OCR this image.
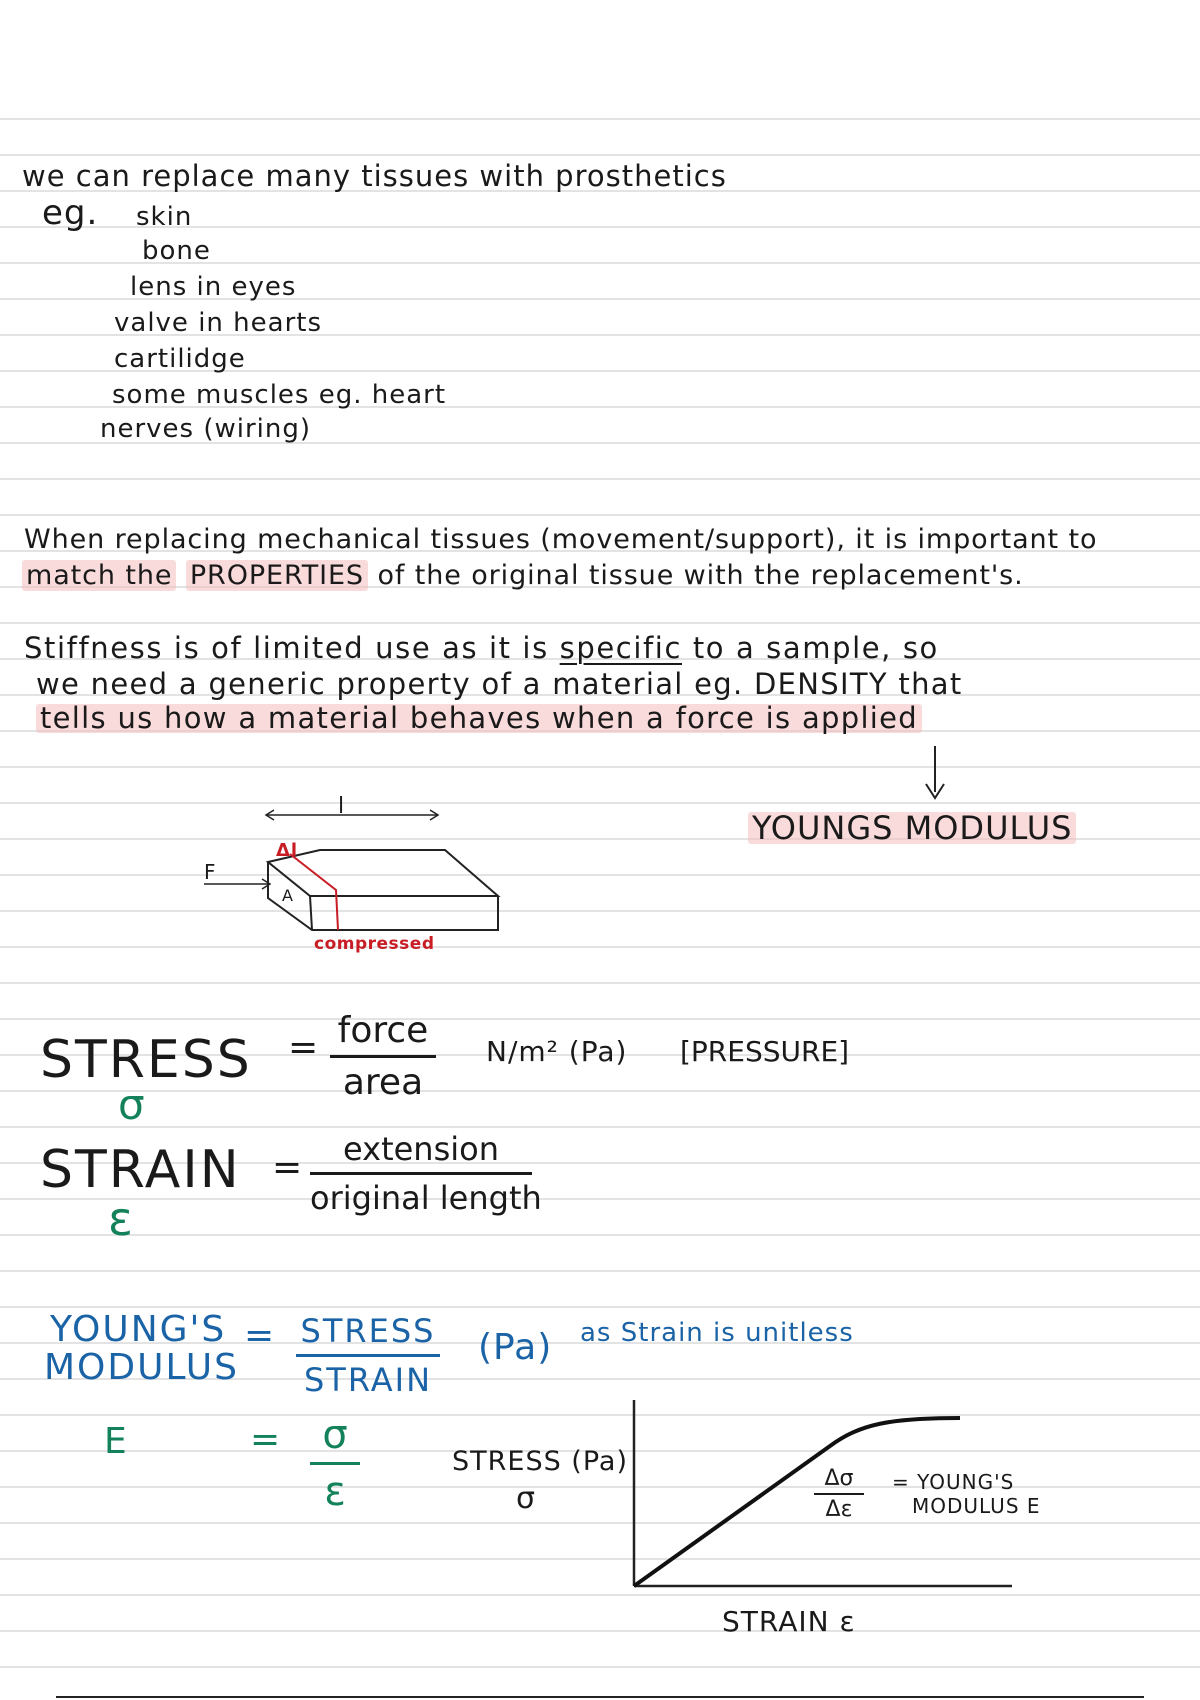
we can replace many tissues with prosthetics
eg. skin
bone
lens in eyes
valve in hearts
cartilidge
some muscles eg. heart
nerves (wiring)
When replacing mechanical tissues (movement/support), it is important to
match the PROPERTIES of the original tissue with the replacement's.
Stiffness is of limited use as it is specific to a sample, so
we need a generic property of a material eg. DENSITY that
tells us how a material behaves when a force is applied
YOUNGS MODULUS
l
Δl
F
A
compressed
STRESS
σ
= force
area
N/m² (Pa) [PRESSURE]
STRAIN
ε
=	extension
original length
YOUNG'S
MODULUS
= STRESS
STRAIN
(Pa) as Strain is unitless
E	=	σ
ε
STRESS (Pa)
σ
STRAIN ε
Δσ
Δε
= YOUNG'S
MODULUS E
